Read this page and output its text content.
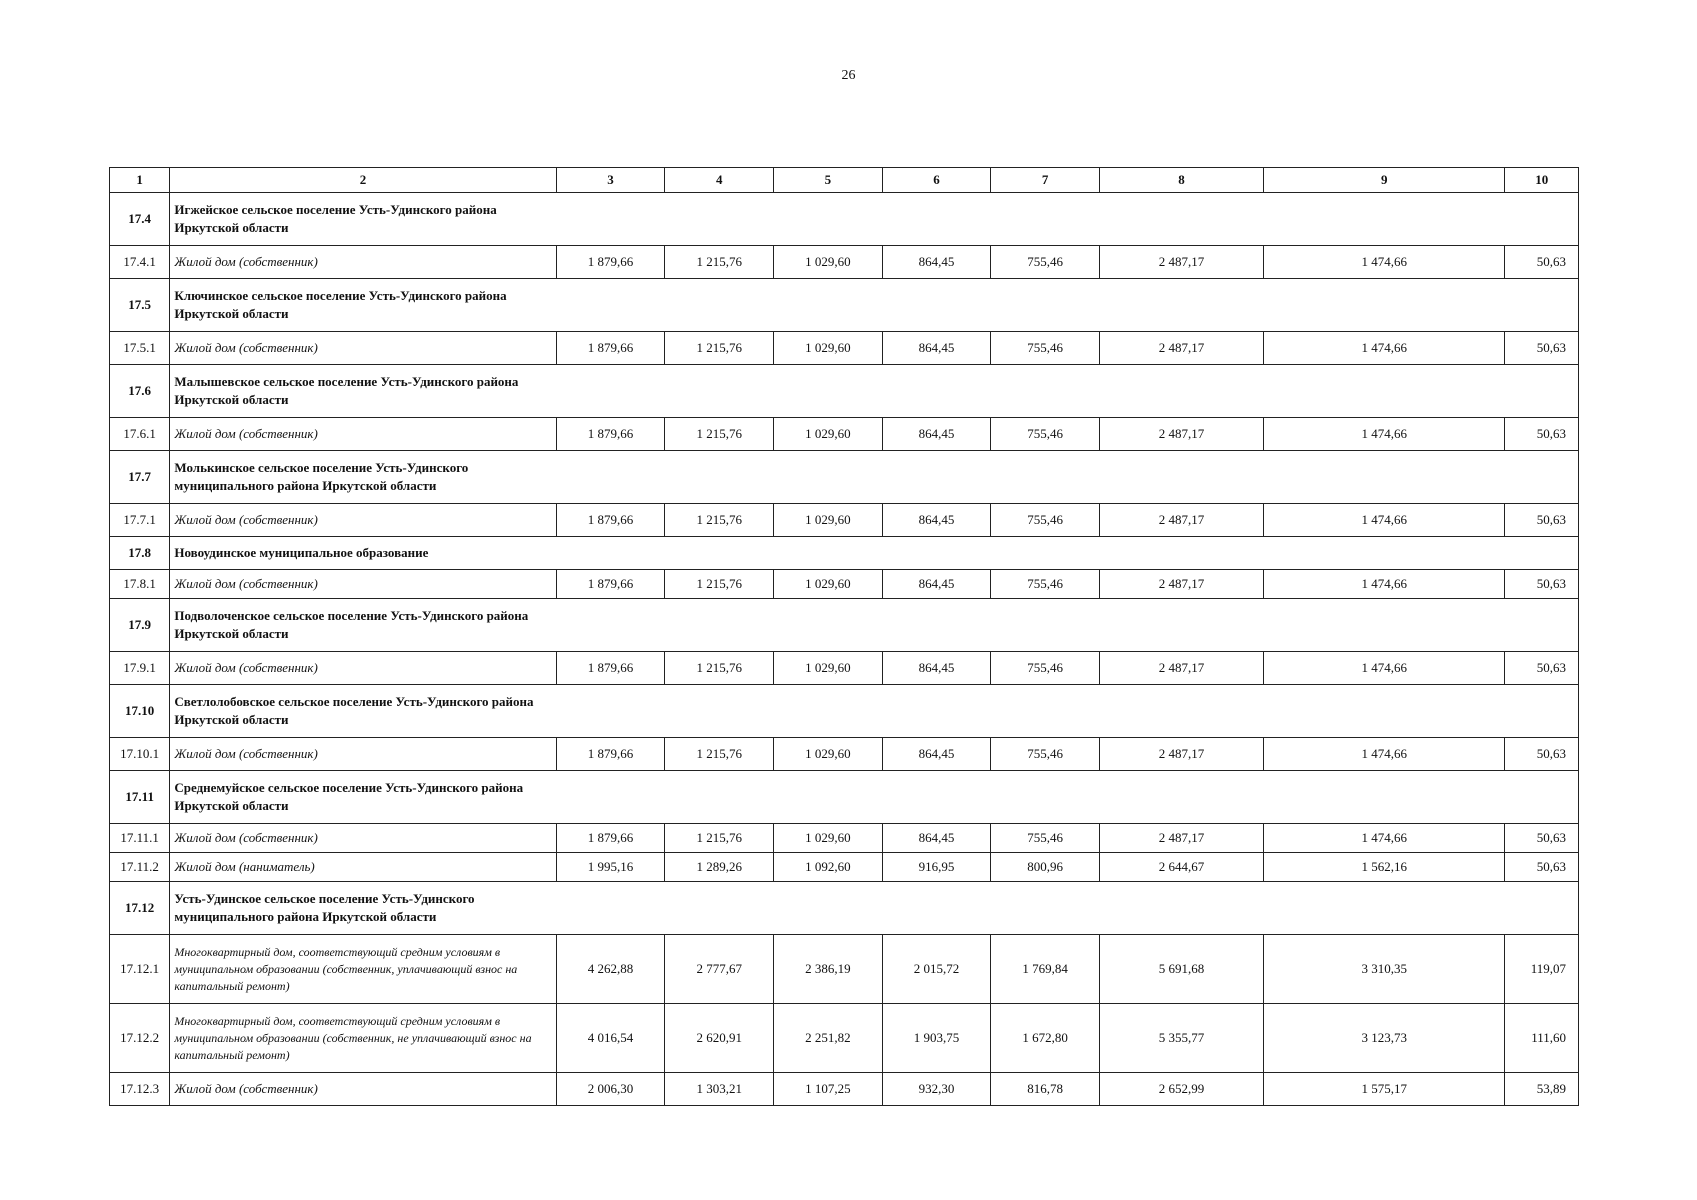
26
1	2	3	4	5	6	7	8	9	10
17.4	Игжейское сельское поселение Усть-Удинского района Иркутской области								

17.4.1	Жилой дом (собственник)	1 879,66	1 215,76	1 029,60	864,45	755,46	2 487,17	1 474,66	50,63
17.5	Ключинское сельское поселение Усть-Удинского района Иркутской области								

17.5.1	Жилой дом (собственник)	1 879,66	1 215,76	1 029,60	864,45	755,46	2 487,17	1 474,66	50,63
17.6	Малышевское сельское поселение Усть-Удинского района Иркутской области								

17.6.1	Жилой дом (собственник)	1 879,66	1 215,76	1 029,60	864,45	755,46	2 487,17	1 474,66	50,63
17.7	Молькинское сельское поселение Усть-Удинского муниципального района Иркутской области								

17.7.1	Жилой дом (собственник)	1 879,66	1 215,76	1 029,60	864,45	755,46	2 487,17	1 474,66	50,63
17.8	Новоудинское муниципальное образование								

17.8.1	Жилой дом (собственник)	1 879,66	1 215,76	1 029,60	864,45	755,46	2 487,17	1 474,66	50,63
17.9	Подволоченское сельское поселение Усть-Удинского района Иркутской области								

17.9.1	Жилой дом (собственник)	1 879,66	1 215,76	1 029,60	864,45	755,46	2 487,17	1 474,66	50,63
17.10	Светлолобовское сельское поселение Усть-Удинского района Иркутской области								

17.10.1	Жилой дом (собственник)	1 879,66	1 215,76	1 029,60	864,45	755,46	2 487,17	1 474,66	50,63
17.11	Среднемуйское сельское поселение Усть-Удинского района Иркутской области								

17.11.1	Жилой дом (собственник)	1 879,66	1 215,76	1 029,60	864,45	755,46	2 487,17	1 474,66	50,63
17.11.2	Жилой дом (наниматель)	1 995,16	1 289,26	1 092,60	916,95	800,96	2 644,67	1 562,16	50,63
17.12	Усть-Удинское сельское поселение Усть-Удинского муниципального района Иркутской области								

17.12.1	Многоквартирный дом, соответствующий средним условиям в муниципальном образовании (собственник, уплачивающий взнос на капитальный ремонт)	4 262,88	2 777,67	2 386,19	2 015,72	1 769,84	5 691,68	3 310,35	119,07
17.12.2	Многоквартирный дом, соответствующий средним условиям в муниципальном образовании (собственник, не уплачивающий взнос на капитальный ремонт)	4 016,54	2 620,91	2 251,82	1 903,75	1 672,80	5 355,77	3 123,73	111,60
17.12.3	Жилой дом (собственник)	2 006,30	1 303,21	1 107,25	932,30	816,78	2 652,99	1 575,17	53,89
